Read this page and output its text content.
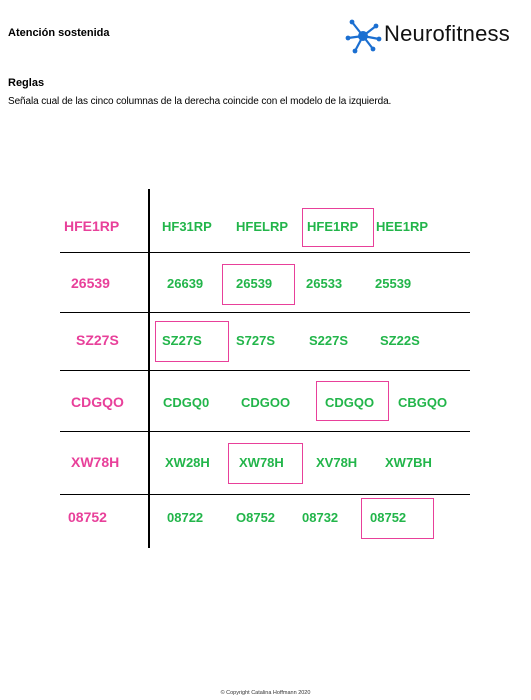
Atención sostenida	Neurofitness
Reglas
Señala cual de las cinco columnas de la derecha coincide con el modelo de la izquierda.
HFE1RP	HF31RP HFELRP HFE1RP HEE1RP
26539	26639	26539	26533	25539
SZ27S	SZ27S	S727S	S227S SZ22S
CDGQO	CDGQ0 CDGOO	CDGQO CBGQO
XW78H	XW28H XW78H XV78H XW7BH
08752	08722	O8752 08732 08752
© Copyright Catalina Hoffmann 2020
